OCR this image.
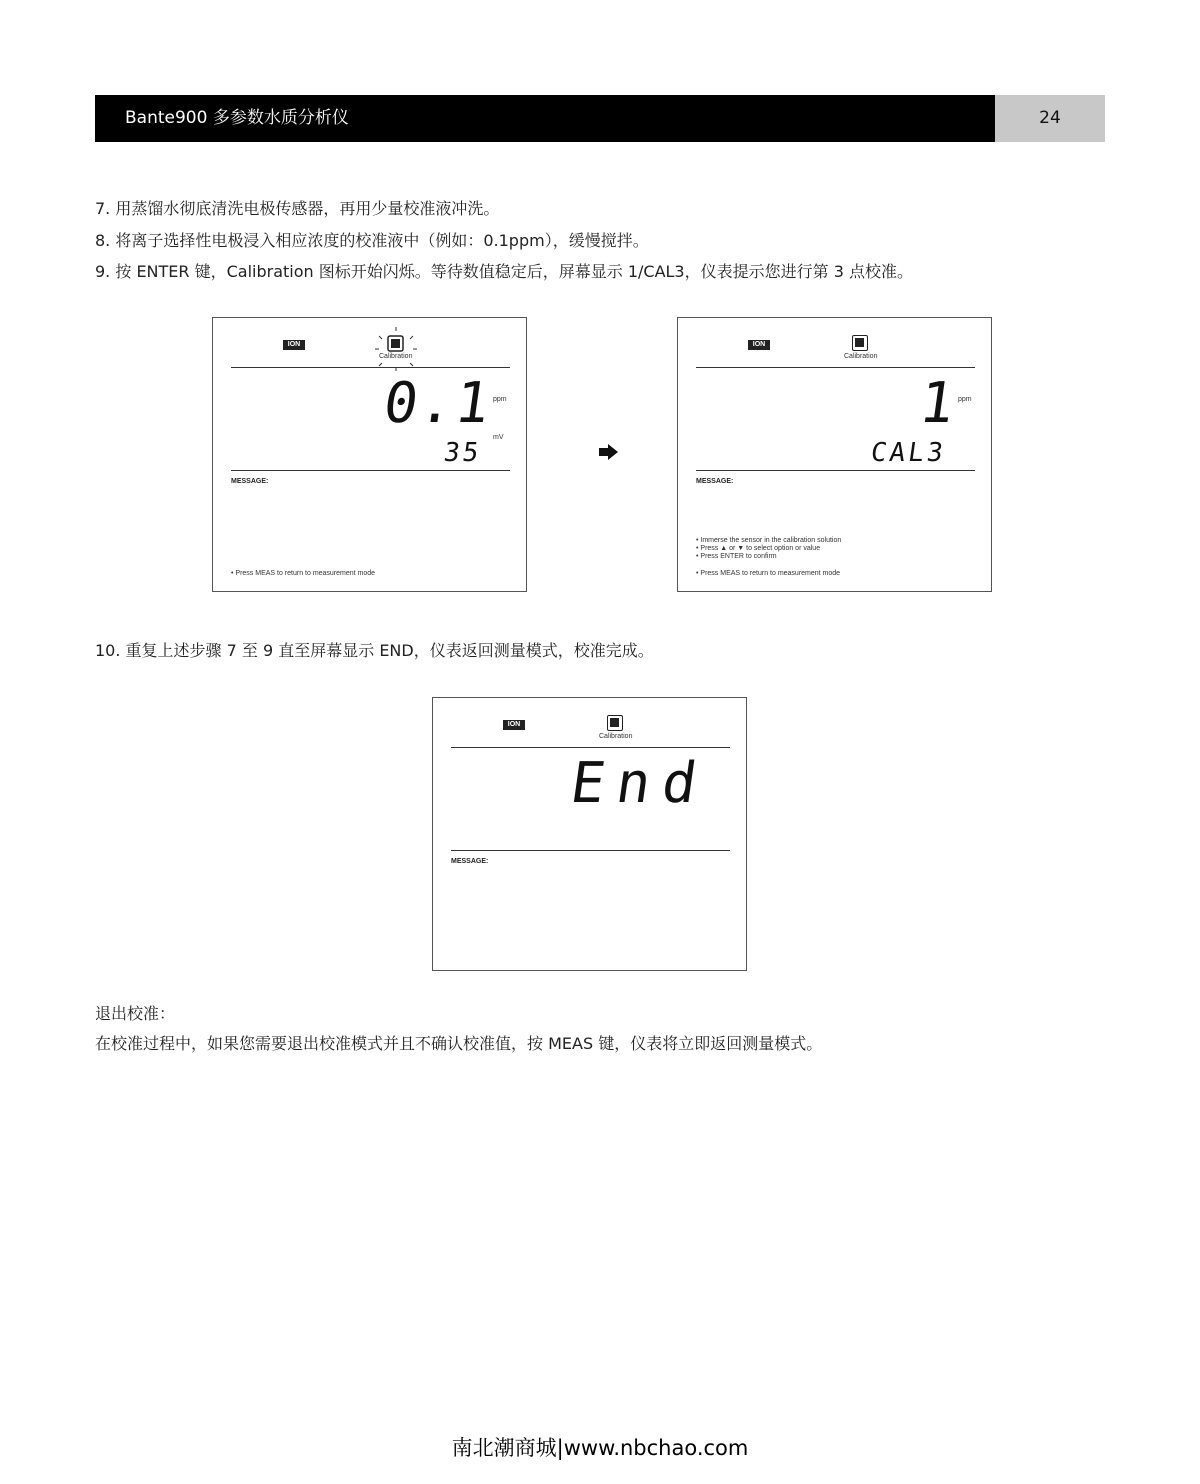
Bante900 多参数水质分析仪	24
7. 用蒸馏水彻底清洗电极传感器，再用少量校准液冲洗。
8. 将离子选择性电极浸入相应浓度的校准液中（例如：0.1ppm），缓慢搅拌。
9. 按 ENTER 键，Calibration 图标开始闪烁。等待数值稳定后，屏幕显示 1/CAL3，仪表提示您进行第 3 点校准。
ION
Calibration
0.1
ppm
35
mV
MESSAGE:
• Press MEAS to return to measurement mode
ION
Calibration
1
ppm
CAL3
MESSAGE:
• Immerse the sensor in the calibration solution
• Press ▲ or ▼ to select option or value
• Press ENTER to confirm
• Press MEAS to return to measurement mode
10. 重复上述步骤 7 至 9 直至屏幕显示 END，仪表返回测量模式，校准完成。
ION
Calibration
End
MESSAGE:
退出校准：
在校准过程中，如果您需要退出校准模式并且不确认校准值，按 MEAS 键，仪表将立即返回测量模式。
南北潮商城|www.nbchao.com
